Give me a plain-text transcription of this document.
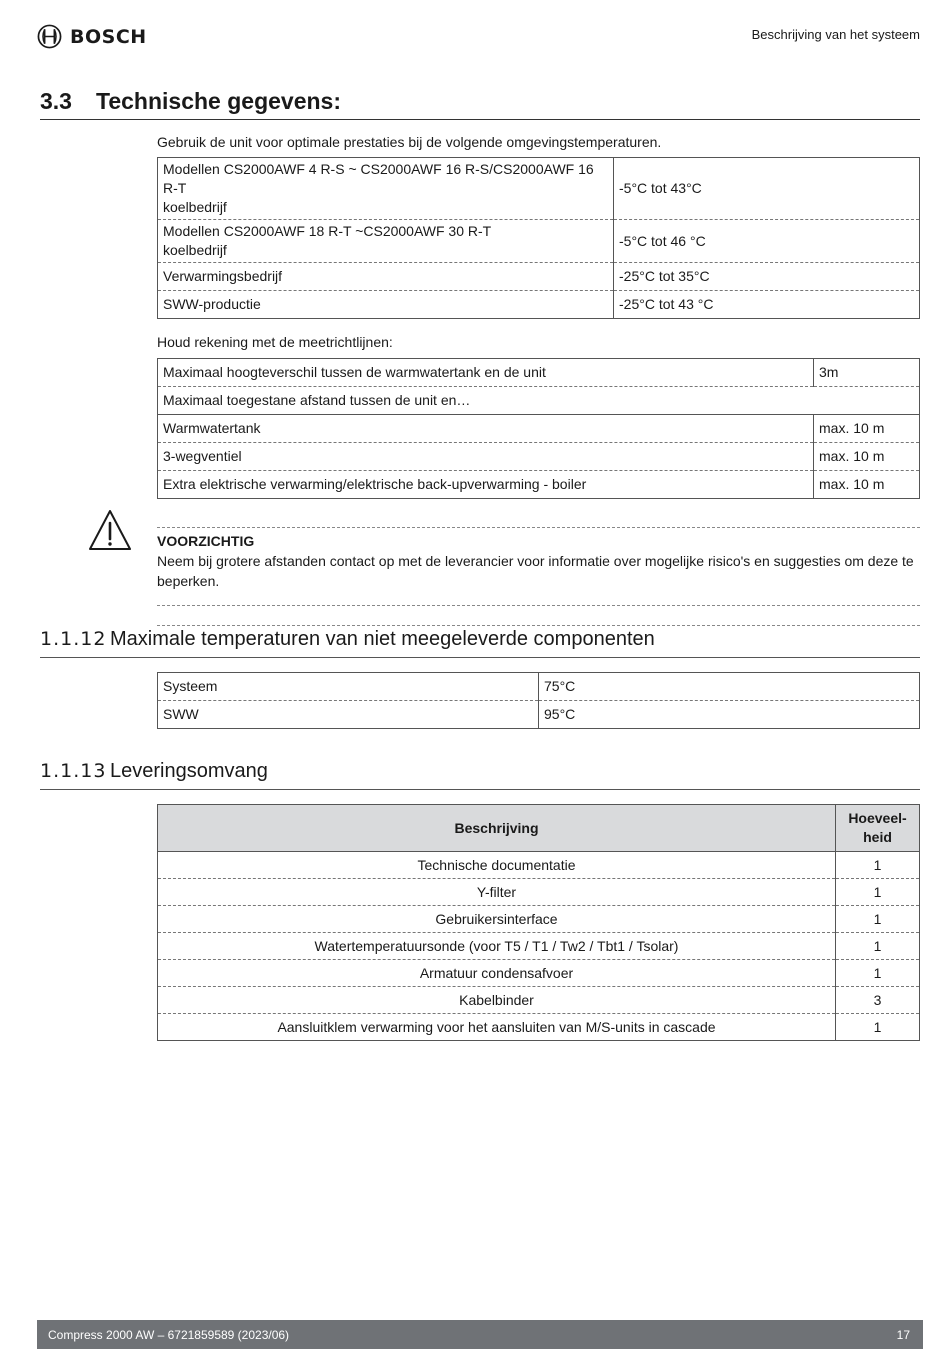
BOSCH	Beschrijving van het systeem
3.3	Technische gegevens:
Gebruik de unit voor optimale prestaties bij de volgende omgevingstemperaturen.
Modellen CS2000AWF 4 R-S ~ CS2000AWF 16 R-S/CS2000AWF 16 R-T
koelbedrijf	-5°C tot 43°C
Modellen CS2000AWF 18 R-T ~CS2000AWF 30 R-T
koelbedrijf	-5°C tot 46 °C
Verwarmingsbedrijf	-25°C tot 35°C
SWW-productie	-25°C tot 43 °C
Houd rekening met de meetrichtlijnen:
Maximaal hoogteverschil tussen de warmwatertank en de unit	3m
Maximaal toegestane afstand tussen de unit en…	
Warmwatertank	max. 10 m
3-wegventiel	max. 10 m
Extra elektrische verwarming/elektrische back-upverwarming - boiler	max. 10 m
VOORZICHTIG
Neem bij grotere afstanden contact op met de leverancier voor informatie over mogelijke risico's en suggesties om deze te beperken.
1.1.12 Maximale temperaturen van niet meegeleverde componenten
Systeem	75°C
SWW	95°C
1.1.13 Leveringsomvang
Beschrijving	Hoeveel-
heid
Technische documentatie	1
Y-filter	1
Gebruikersinterface	1
Watertemperatuursonde (voor T5 / T1 / Tw2 / Tbt1 / Tsolar)	1
Armatuur condensafvoer	1
Kabelbinder	3
Aansluitklem verwarming voor het aansluiten van M/S-units in cascade	1
Compress 2000 AW – 6721859589 (2023/06)	17
